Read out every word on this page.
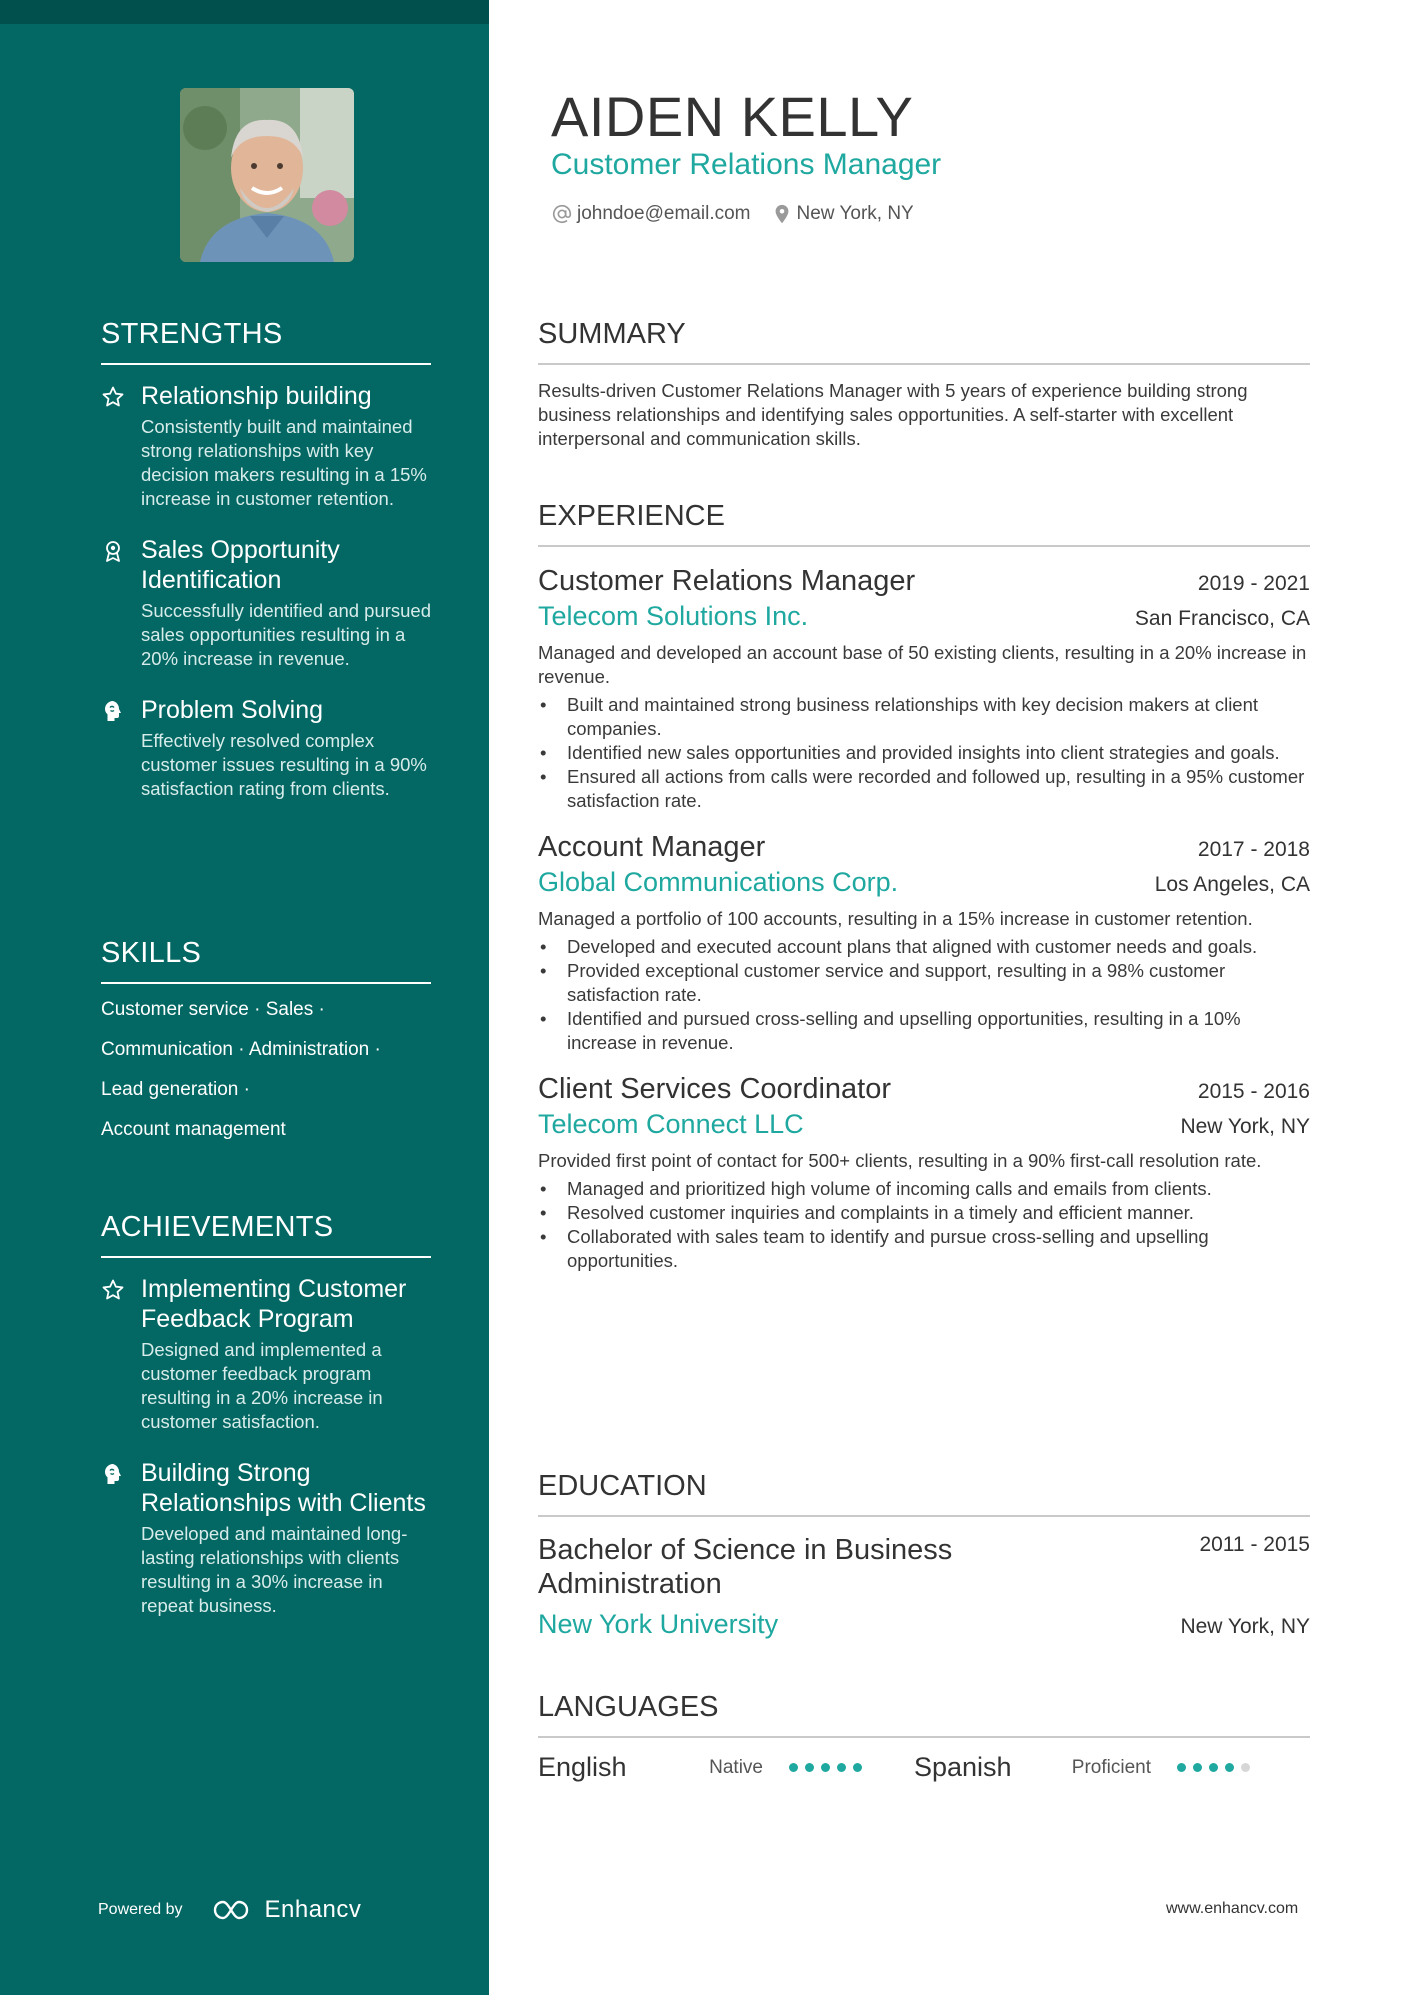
STRENGTHS
Relationship building
Consistently built and maintained strong relationships with key decision makers resulting in a 15% increase in customer retention.
Sales Opportunity Identification
Successfully identified and pursued sales opportunities resulting in a 20% increase in revenue.
Problem Solving
Effectively resolved complex customer issues resulting in a 90% satisfaction rating from clients.
SKILLS
Customer service · Sales ·
Communication · Administration ·
Lead generation ·
Account management
ACHIEVEMENTS
Implementing Customer Feedback Program
Designed and implemented a customer feedback program resulting in a 20% increase in customer satisfaction.
Building Strong Relationships with Clients
Developed and maintained long-lasting relationships with clients resulting in a 30% increase in repeat business.
Powered by	Enhancv
AIDEN KELLY
Customer Relations Manager
johndoe@email.com New York, NY
SUMMARY
Results-driven Customer Relations Manager with 5 years of experience building strong business relationships and identifying sales opportunities. A self-starter with excellent interpersonal and communication skills.
EXPERIENCE
Customer Relations Manager	2019 - 2021
Telecom Solutions Inc.	San Francisco, CA
Managed and developed an account base of 50 existing clients, resulting in a 20% increase in revenue.
• Built and maintained strong business relationships with key decision makers at client companies.
• Identified new sales opportunities and provided insights into client strategies and goals.
• Ensured all actions from calls were recorded and followed up, resulting in a 95% customer satisfaction rate.
Account Manager	2017 - 2018
Global Communications Corp.	Los Angeles, CA
Managed a portfolio of 100 accounts, resulting in a 15% increase in customer retention.
• Developed and executed account plans that aligned with customer needs and goals.
• Provided exceptional customer service and support, resulting in a 98% customer satisfaction rate.
• Identified and pursued cross-selling and upselling opportunities, resulting in a 10% increase in revenue.
Client Services Coordinator	2015 - 2016
Telecom Connect LLC	New York, NY
Provided first point of contact for 500+ clients, resulting in a 90% first-call resolution rate.
• Managed and prioritized high volume of incoming calls and emails from clients.
• Resolved customer inquiries and complaints in a timely and efficient manner.
• Collaborated with sales team to identify and pursue cross-selling and upselling opportunities.
EDUCATION
Bachelor of Science in Business Administration
2011 - 2015
New York University	New York, NY
LANGUAGES
English	Native	Spanish	Proficient
www.enhancv.com
